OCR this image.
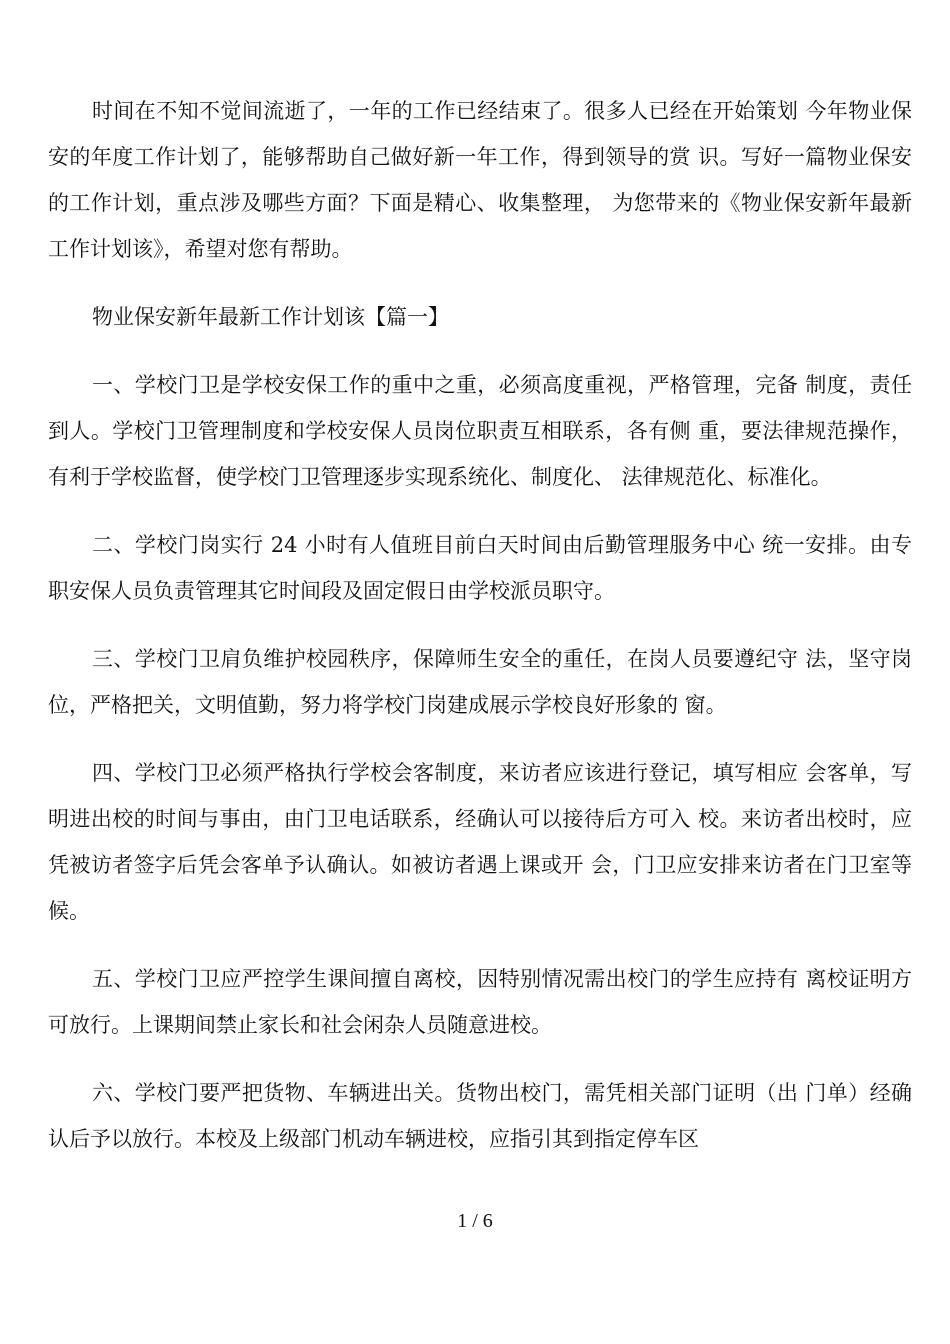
时间在不知不觉间流逝了，一年的工作已经结束了。很多人已经在开始策划 今年物业保安的年度工作计划了，能够帮助自己做好新一年工作，得到领导的赏 识。写好一篇物业保安的工作计划，重点涉及哪些方面？下面是精心、收集整理， 为您带来的《物业保安新年最新工作计划该》，希望对您有帮助。

物业保安新年最新工作计划该【篇一】

一、学校门卫是学校安保工作的重中之重，必须高度重视，严格管理，完备 制度，责任到人。学校门卫管理制度和学校安保人员岗位职责互相联系，各有侧 重，要法律规范操作，有利于学校监督，使学校门卫管理逐步实现系统化、制度化、 法律规范化、标准化。

二、学校门岗实行 24 小时有人值班目前白天时间由后勤管理服务中心 统一安排。由专职安保人员负责管理其它时间段及固定假日由学校派员职守。

三、学校门卫肩负维护校园秩序，保障师生安全的重任，在岗人员要遵纪守 法，坚守岗位，严格把关，文明值勤，努力将学校门岗建成展示学校良好形象的 窗。

四、学校门卫必须严格执行学校会客制度，来访者应该进行登记，填写相应 会客单，写明进出校的时间与事由，由门卫电话联系，经确认可以接待后方可入 校。来访者出校时，应凭被访者签字后凭会客单予认确认。如被访者遇上课或开 会，门卫应安排来访者在门卫室等候。

五、学校门卫应严控学生课间擅自离校，因特别情况需出校门的学生应持有 离校证明方可放行。上课期间禁止家长和社会闲杂人员随意进校。

六、学校门要严把货物、车辆进出关。货物出校门，需凭相关部门证明（出 门单）经确认后予以放行。本校及上级部门机动车辆进校，应指引其到指定停车区

1 / 6
